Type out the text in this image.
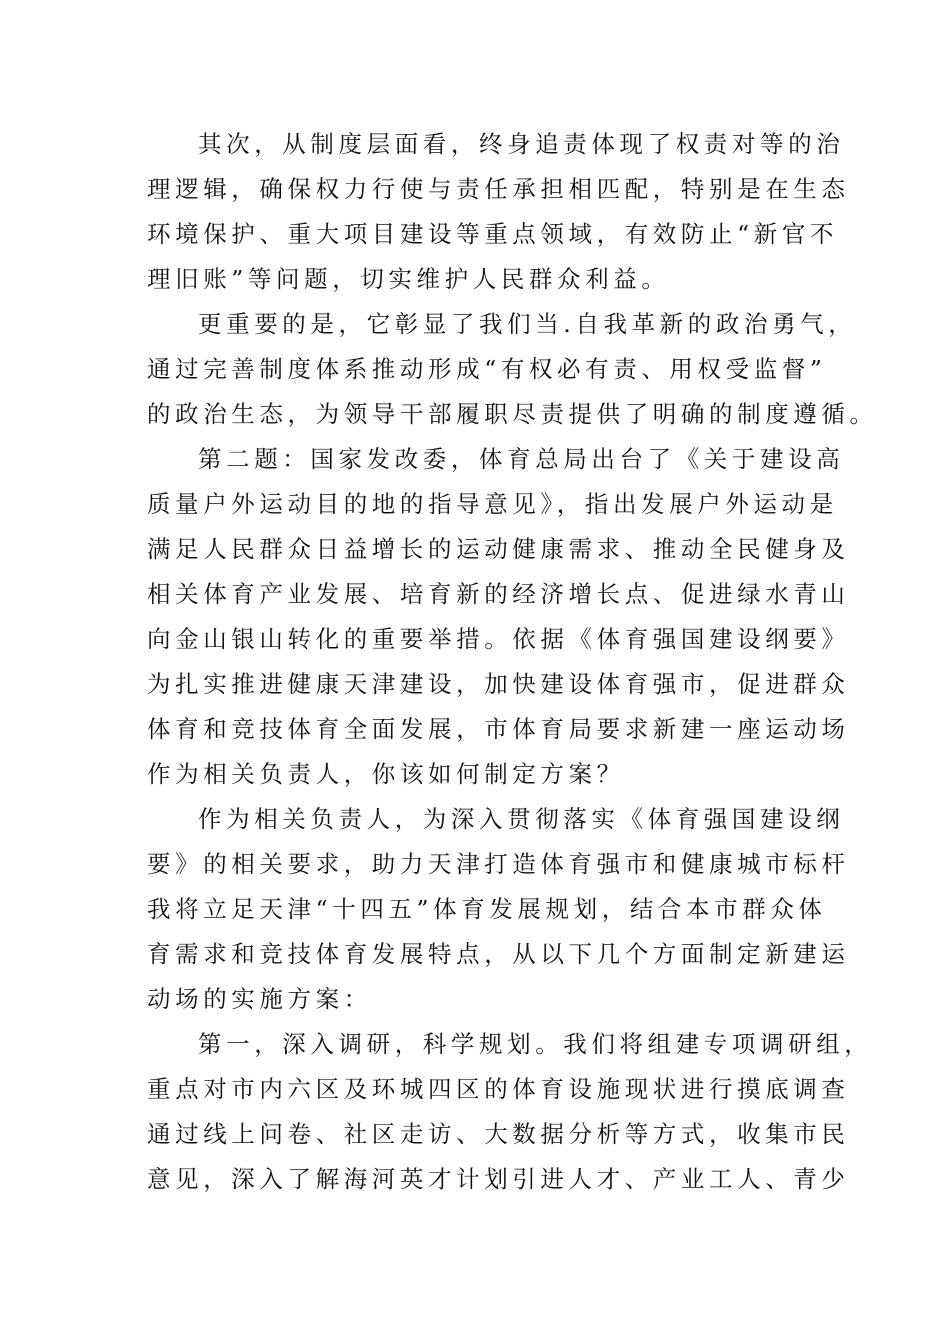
其次，从制度层面看，终身追责体现了权责对等的治
理逻辑，确保权力行使与责任承担相匹配，特别是在生态
环境保护、重大项目建设等重点领域，有效防止“新官不
理旧账”等问题，切实维护人民群众利益。
更重要的是，它彰显了我们当.自我革新的政治勇气，
通过完善制度体系推动形成“有权必有责、用权受监督”
的政治生态，为领导干部履职尽责提供了明确的制度遵循。
第二题：国家发改委，体育总局出台了《关于建设高
质量户外运动目的地的指导意见》，指出发展户外运动是
满足人民群众日益增长的运动健康需求、推动全民健身及
相关体育产业发展、培育新的经济增长点、促进绿水青山
向金山银山转化的重要举措。依据《体育强国建设纲要》
为扎实推进健康天津建设，加快建设体育强市，促进群众
体育和竞技体育全面发展，市体育局要求新建一座运动场
作为相关负责人，你该如何制定方案？
作为相关负责人，为深入贯彻落实《体育强国建设纲
要》的相关要求，助力天津打造体育强市和健康城市标杆
我将立足天津“十四五”体育发展规划，结合本市群众体
育需求和竞技体育发展特点，从以下几个方面制定新建运
动场的实施方案：
第一，深入调研，科学规划。我们将组建专项调研组，
重点对市内六区及环城四区的体育设施现状进行摸底调查
通过线上问卷、社区走访、大数据分析等方式，收集市民
意见，深入了解海河英才计划引进人才、产业工人、青少
